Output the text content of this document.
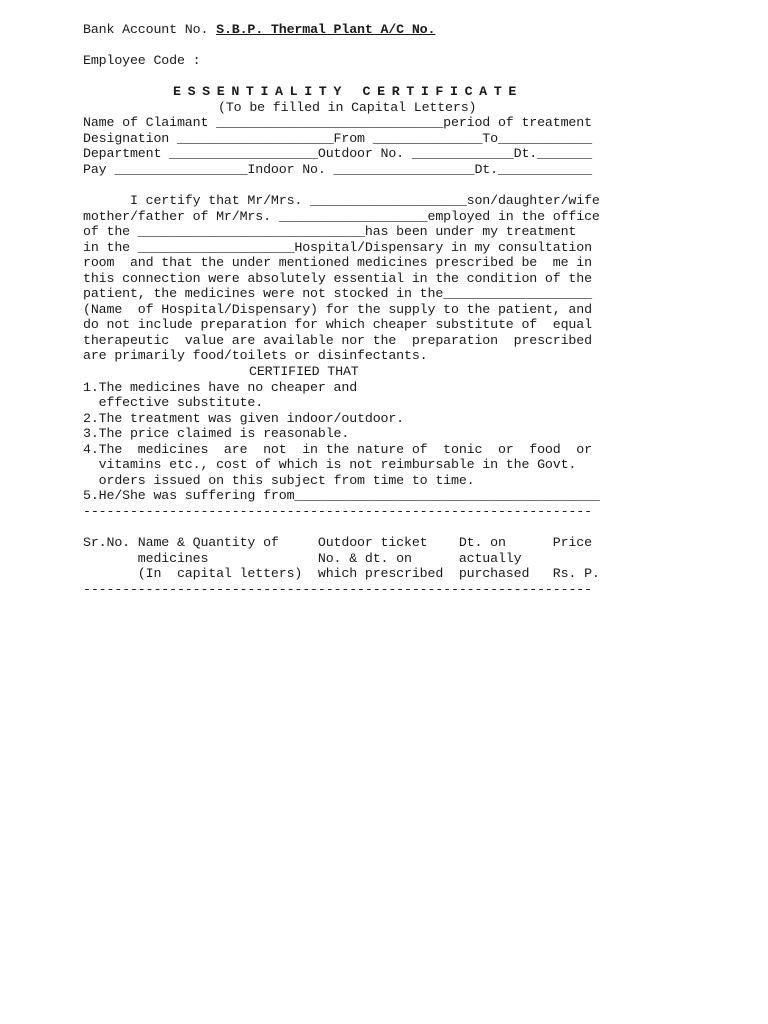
Bank Account No. S.B.P. Thermal Plant A/C No.
Employee Code :
ESSENTIALITY CERTIFICATE
(To be filled in Capital Letters)
Name of Claimant _____________________________period of treatment
Designation ____________________From ______________To____________
Department ___________________Outdoor No. _____________Dt._______
Pay _________________Indoor No. __________________Dt.____________
I certify that Mr/Mrs. ____________________son/daughter/wife
mother/father of Mr/Mrs. ___________________employed in the office
of the _____________________________has been under my treatment
in the ____________________Hospital/Dispensary in my consultation
room  and that the under mentioned medicines prescribed be  me in
this connection were absolutely essential in the condition of the
patient, the medicines were not stocked in the___________________
(Name  of Hospital/Dispensary) for the supply to the patient, and
do not include preparation for which cheaper substitute of  equal
therapeutic  value are available nor the  preparation  prescribed
are primarily food/toilets or disinfectants.
CERTIFIED THAT
1.The medicines have no cheaper and
effective substitute.
2.The treatment was given indoor/outdoor.
3.The price claimed is reasonable.
4.The  medicines  are  not  in the nature of  tonic  or  food  or
vitamins etc., cost of which is not reimbursable in the Govt.
orders issued on this subject from time to time.
5.He/She was suffering from_______________________________________
-----------------------------------------------------------------
Sr.No. Name & Quantity of     Outdoor ticket    Dt. on      Price
medicines              No. & dt. on      actually
(In  capital letters)  which prescribed  purchased   Rs. P.
-----------------------------------------------------------------
